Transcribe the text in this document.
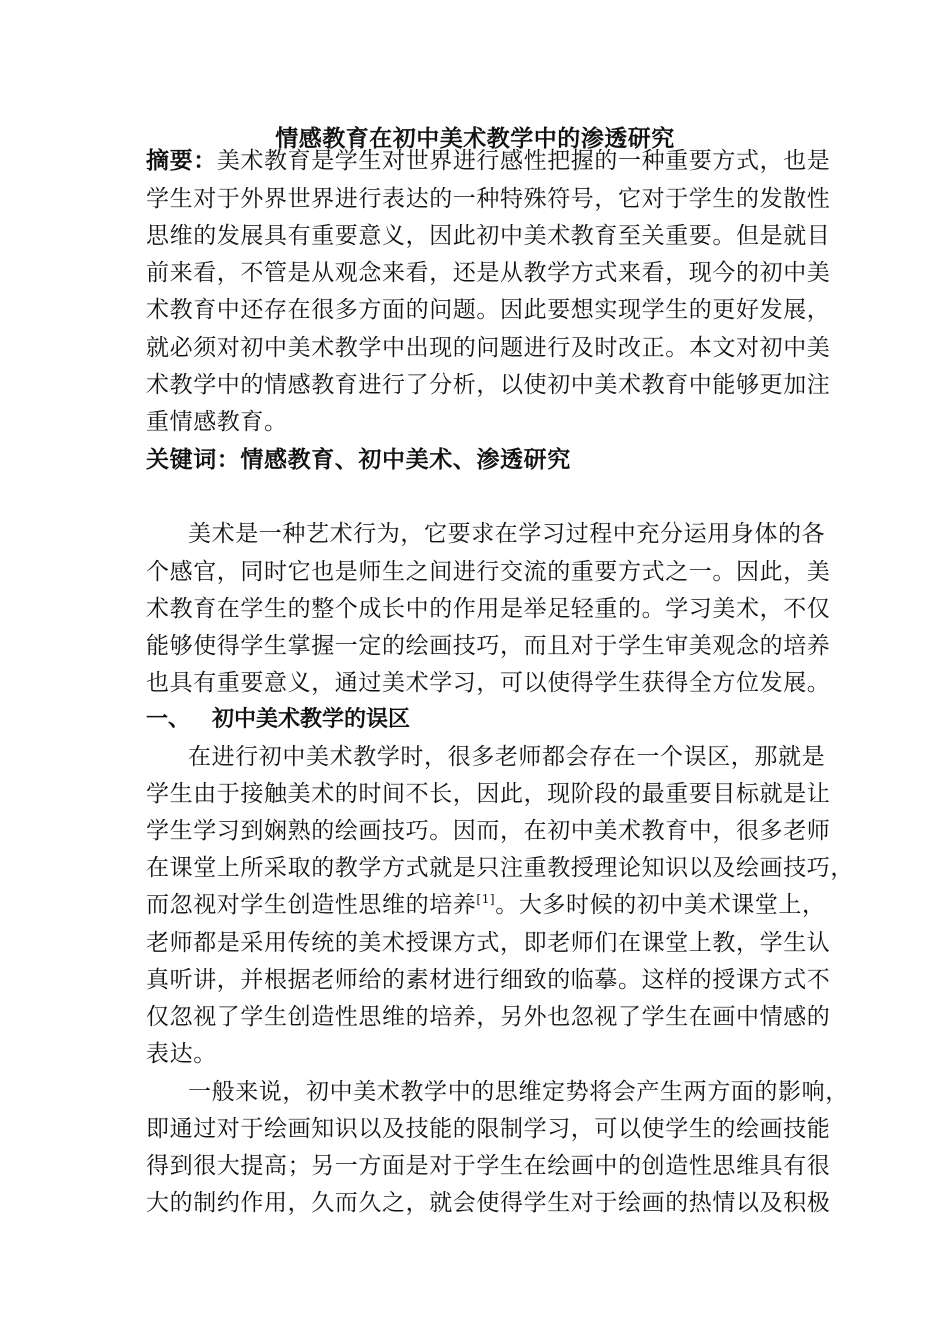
情感教育在初中美术教学中的渗透研究
摘要：美术教育是学生对世界进行感性把握的一种重要方式，也是
学生对于外界世界进行表达的一种特殊符号，它对于学生的发散性
思维的发展具有重要意义，因此初中美术教育至关重要。但是就目
前来看，不管是从观念来看，还是从教学方式来看，现今的初中美
术教育中还存在很多方面的问题。因此要想实现学生的更好发展，
就必须对初中美术教学中出现的问题进行及时改正。本文对初中美
术教学中的情感教育进行了分析，以使初中美术教育中能够更加注
重情感教育。
关键词：情感教育、初中美术、渗透研究
美术是一种艺术行为，它要求在学习过程中充分运用身体的各
个感官，同时它也是师生之间进行交流的重要方式之一。因此，美
术教育在学生的整个成长中的作用是举足轻重的。学习美术，不仅
能够使得学生掌握一定的绘画技巧，而且对于学生审美观念的培养
也具有重要意义，通过美术学习，可以使得学生获得全方位发展。
一、 初中美术教学的误区
在进行初中美术教学时，很多老师都会存在一个误区，那就是
学生由于接触美术的时间不长，因此，现阶段的最重要目标就是让
学生学习到娴熟的绘画技巧。因而，在初中美术教育中，很多老师
在课堂上所采取的教学方式就是只注重教授理论知识以及绘画技巧，
而忽视对学生创造性思维的培养[1]。大多时候的初中美术课堂上，
老师都是采用传统的美术授课方式，即老师们在课堂上教，学生认
真听讲，并根据老师给的素材进行细致的临摹。这样的授课方式不
仅忽视了学生创造性思维的培养，另外也忽视了学生在画中情感的
表达。
一般来说，初中美术教学中的思维定势将会产生两方面的影响，
即通过对于绘画知识以及技能的限制学习，可以使学生的绘画技能
得到很大提高；另一方面是对于学生在绘画中的创造性思维具有很
大的制约作用，久而久之，就会使得学生对于绘画的热情以及积极
